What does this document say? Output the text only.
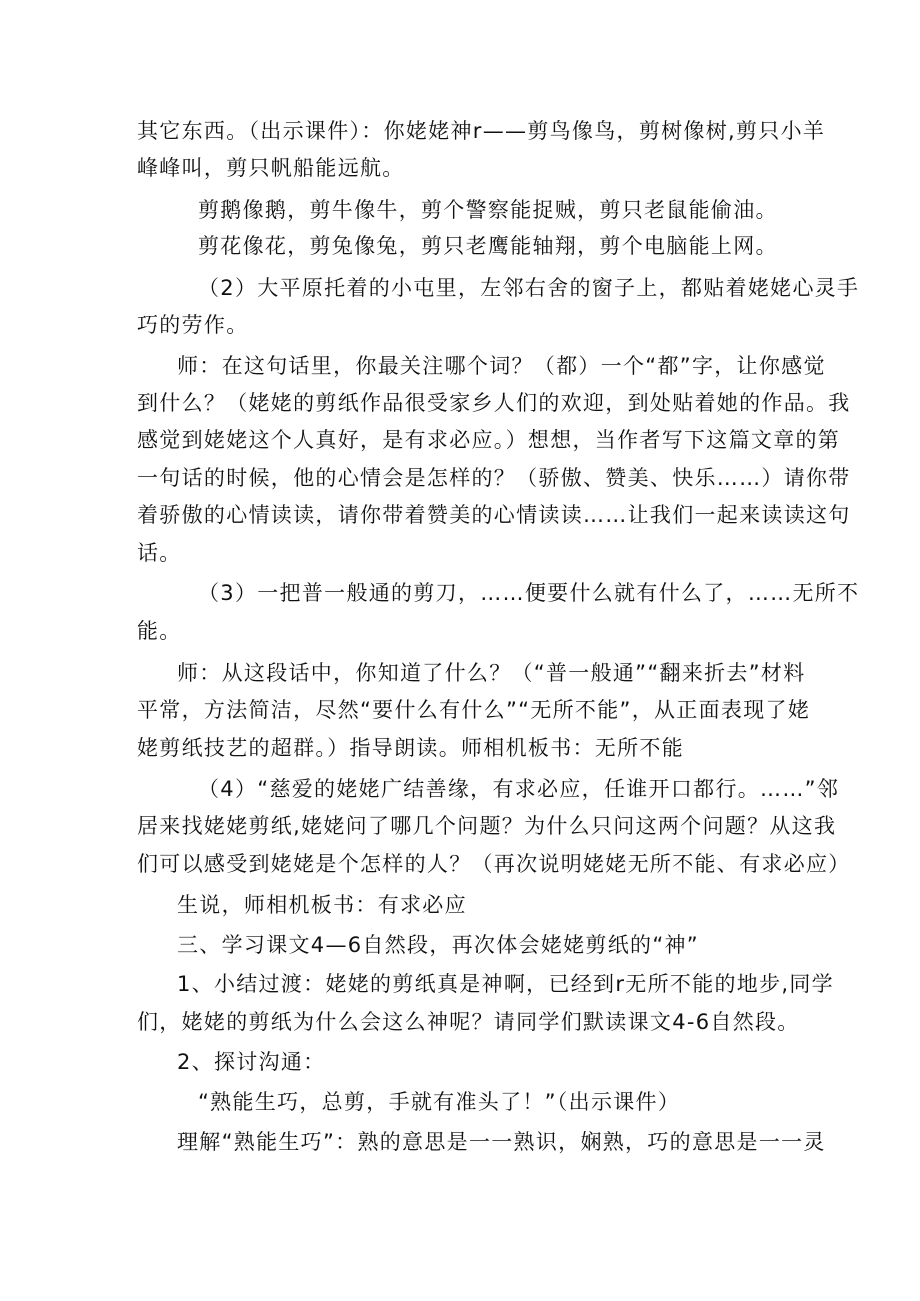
其它东西。（出示课件）：你姥姥神r——剪鸟像鸟，剪树像树,剪只小羊
峰峰叫，剪只帆船能远航。
剪鹅像鹅，剪牛像牛，剪个警察能捉贼，剪只老鼠能偷油。
剪花像花，剪兔像兔，剪只老鹰能轴翔，剪个电脑能上网。
（2）大平原托着的小屯里，左邻右舍的窗子上，都贴着姥姥心灵手
巧的劳作。
师：在这句话里，你最关注哪个词？（都）一个“都”字，让你感觉
到什么？（姥姥的剪纸作品很受家乡人们的欢迎，到处贴着她的作品。我
感觉到姥姥这个人真好，是有求必应。）想想，当作者写下这篇文章的第
一句话的时候，他的心情会是怎样的？（骄傲、赞美、快乐……）请你带
着骄傲的心情读读，请你带着赞美的心情读读……让我们一起来读读这句
话。
（3）一把普一般通的剪刀，……便要什么就有什么了，……无所不
能。
师：从这段话中，你知道了什么？（“普一般通”“翻来折去”材料
平常，方法简洁，尽然“要什么有什么”“无所不能”，从正面表现了姥
姥剪纸技艺的超群。）指导朗读。师相机板书：无所不能
（4）“慈爱的姥姥广结善缘，有求必应，任谁开口都行。……”邻
居来找姥姥剪纸,姥姥问了哪几个问题？为什么只问这两个问题？从这我
们可以感受到姥姥是个怎样的人？（再次说明姥姥无所不能、有求必应）
生说，师相机板书：有求必应
三、学习课文4—6自然段，再次体会姥姥剪纸的“神”
1、小结过渡：姥姥的剪纸真是神啊，已经到r无所不能的地步,同学
们，姥姥的剪纸为什么会这么神呢？请同学们默读课文4-6自然段。
2、探讨沟通：
“熟能生巧，总剪，手就有准头了！”（出示课件）
理解“熟能生巧”：熟的意思是一一熟识，娴熟，巧的意思是一一灵
